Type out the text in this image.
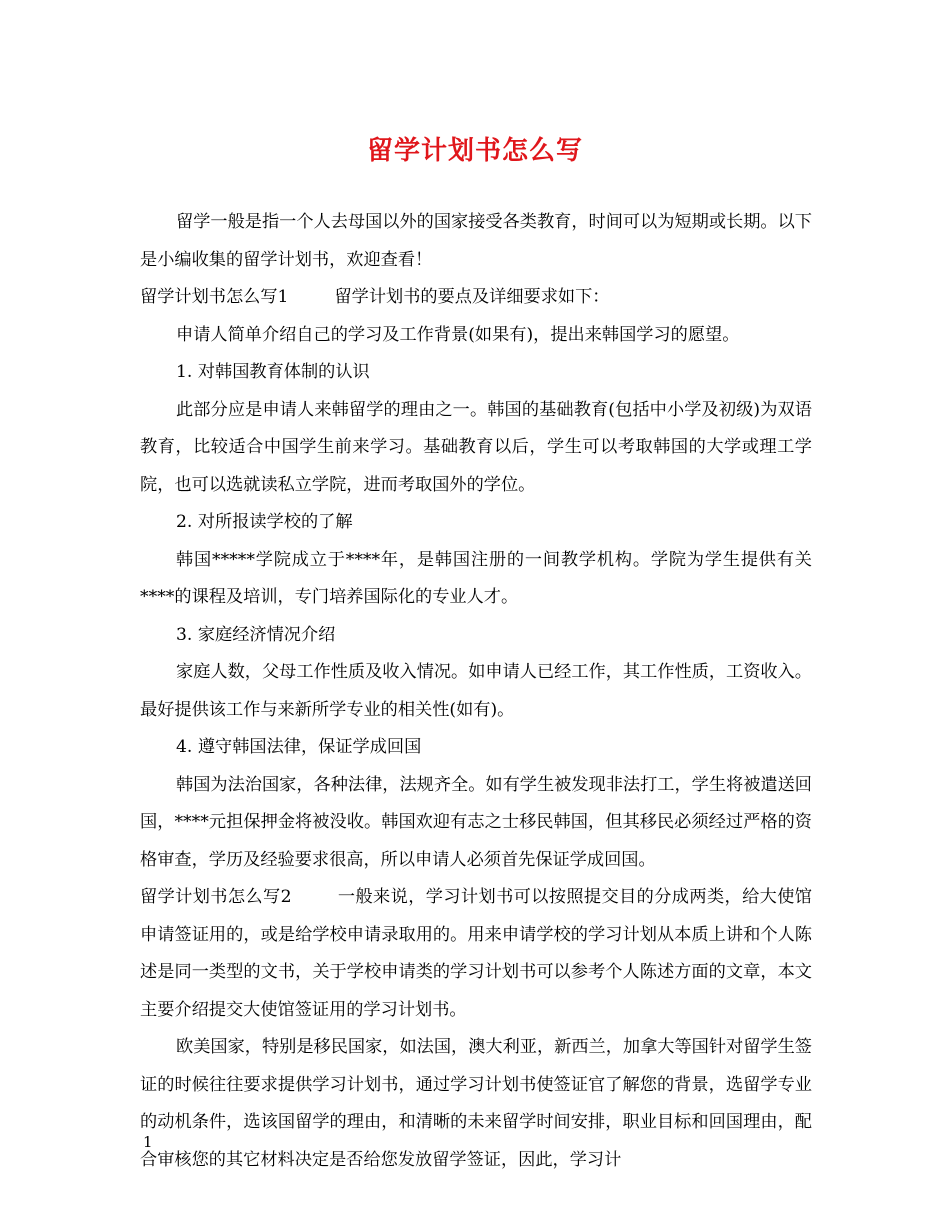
留学计划书怎么写

留学一般是指一个人去母国以外的国家接受各类教育，时间可以为短期或长期。以下是小编收集的留学计划书，欢迎查看！

留学计划书怎么写1	留学计划书的要点及详细要求如下：

申请人简单介绍自己的学习及工作背景(如果有)，提出来韩国学习的愿望。

1. 对韩国教育体制的认识

此部分应是申请人来韩留学的理由之一。韩国的基础教育(包括中小学及初级)为双语教育，比较适合中国学生前来学习。基础教育以后，学生可以考取韩国的大学或理工学院，也可以选就读私立学院，进而考取国外的学位。

2. 对所报读学校的了解

韩国*****学院成立于****年，是韩国注册的一间教学机构。学院为学生提供有关****的课程及培训，专门培养国际化的专业人才。

3. 家庭经济情况介绍

家庭人数，父母工作性质及收入情况。如申请人已经工作，其工作性质，工资收入。最好提供该工作与来新所学专业的相关性(如有)。

4. 遵守韩国法律，保证学成回国

韩国为法治国家，各种法律，法规齐全。如有学生被发现非法打工，学生将被遣送回国，****元担保押金将被没收。韩国欢迎有志之士移民韩国，但其移民必须经过严格的资格审查，学历及经验要求很高，所以申请人必须首先保证学成回国。

留学计划书怎么写2	一般来说，学习计划书可以按照提交目的分成两类，给大使馆申请签证用的，或是给学校申请录取用的。用来申请学校的学习计划从本质上讲和个人陈述是同一类型的文书，关于学校申请类的学习计划书可以参考个人陈述方面的文章，本文主要介绍提交大使馆签证用的学习计划书。

欧美国家，特别是移民国家，如法国，澳大利亚，新西兰，加拿大等国针对留学生签证的时候往往要求提供学习计划书，通过学习计划书使签证官了解您的背景，选留学专业的动机条件，选该国留学的理由，和清晰的未来留学时间安排，职业目标和回国理由，配合审核您的其它材料决定是否给您发放留学签证，因此，学习计

1
